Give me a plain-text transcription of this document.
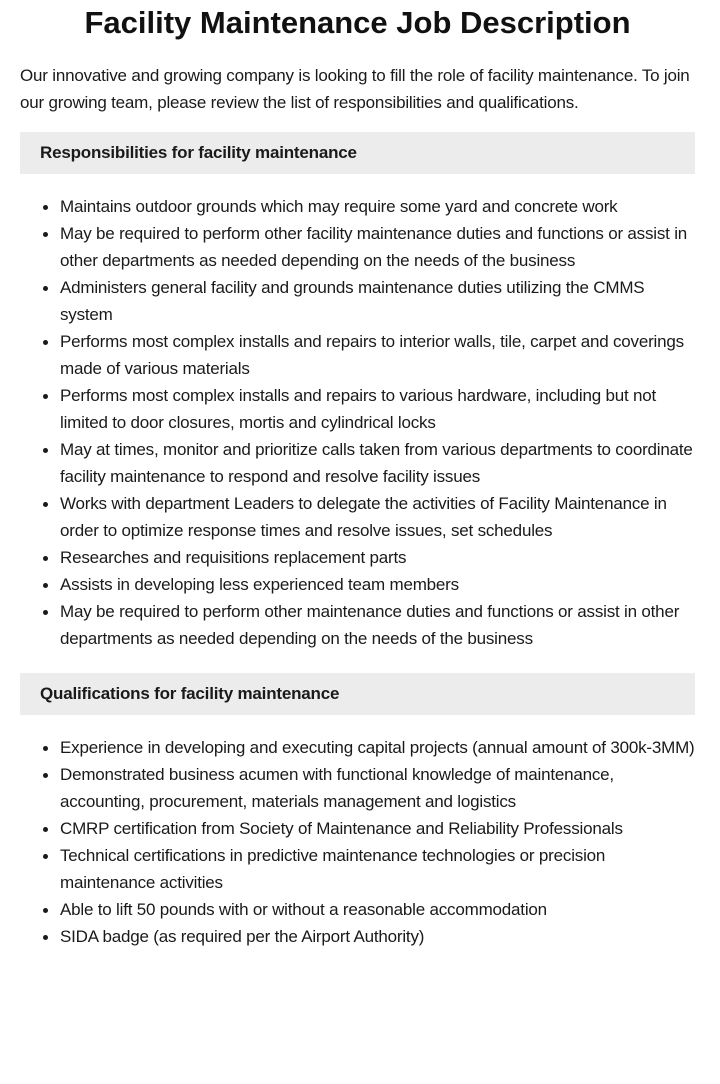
Facility Maintenance Job Description

Our innovative and growing company is looking to fill the role of facility maintenance. To join our growing team, please review the list of responsibilities and qualifications.

Responsibilities for facility maintenance
Maintains outdoor grounds which may require some yard and concrete work
May be required to perform other facility maintenance duties and functions or assist in other departments as needed depending on the needs of the business
Administers general facility and grounds maintenance duties utilizing the CMMS system
Performs most complex installs and repairs to interior walls, tile, carpet and coverings made of various materials
Performs most complex installs and repairs to various hardware, including but not limited to door closures, mortis and cylindrical locks
May at times, monitor and prioritize calls taken from various departments to coordinate facility maintenance to respond and resolve facility issues
Works with department Leaders to delegate the activities of Facility Maintenance in order to optimize response times and resolve issues, set schedules
Researches and requisitions replacement parts
Assists in developing less experienced team members
May be required to perform other maintenance duties and functions or assist in other departments as needed depending on the needs of the business
Qualifications for facility maintenance
Experience in developing and executing capital projects (annual amount of 300k-3MM)
Demonstrated business acumen with functional knowledge of maintenance, accounting, procurement, materials management and logistics
CMRP certification from Society of Maintenance and Reliability Professionals
Technical certifications in predictive maintenance technologies or precision maintenance activities
Able to lift 50 pounds with or without a reasonable accommodation
SIDA badge (as required per the Airport Authority)
